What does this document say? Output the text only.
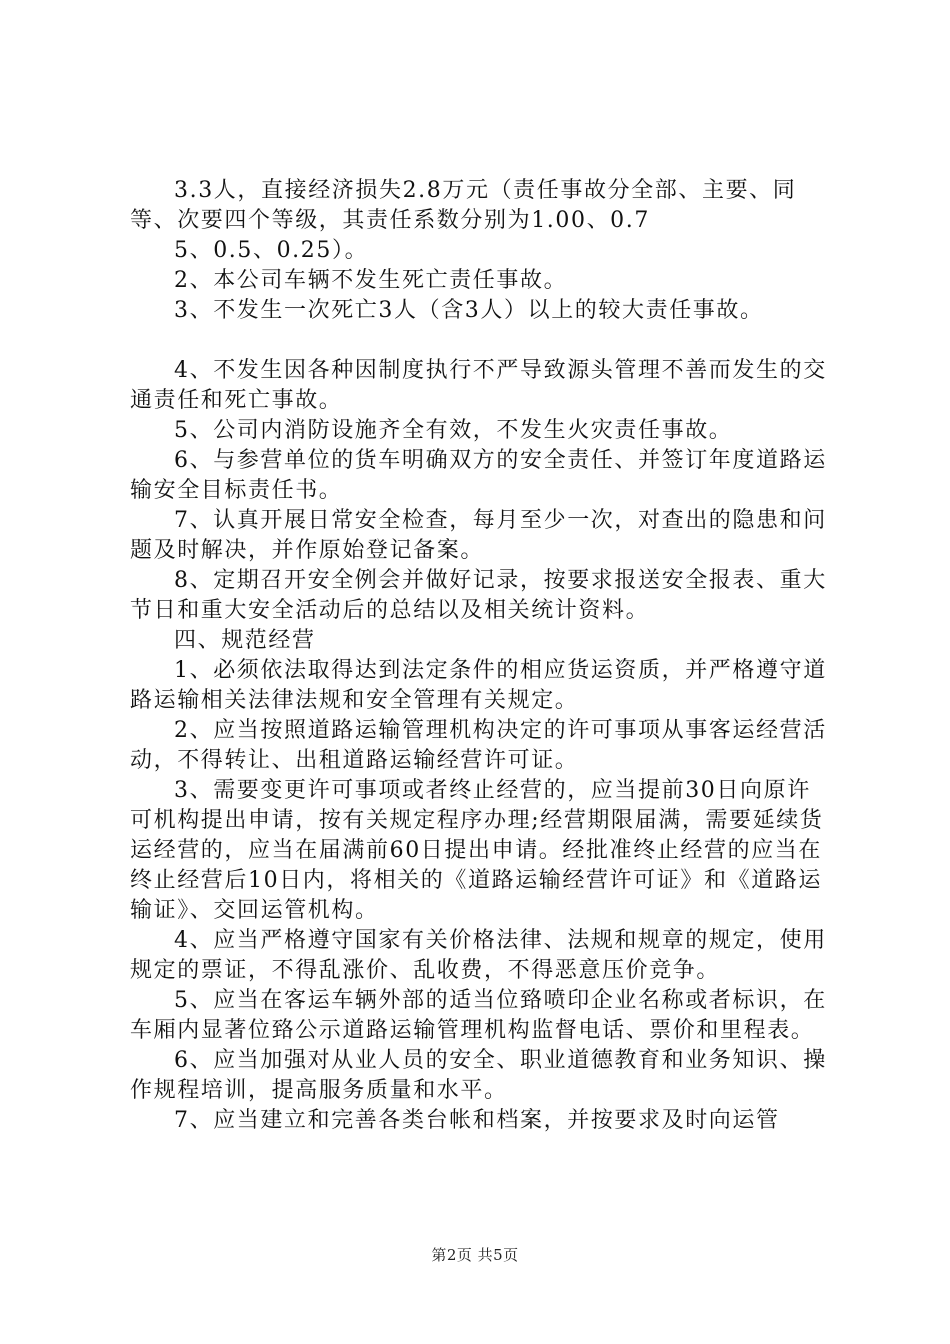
3.3人，直接经济损失2.8万元（责任事故分全部、主要、同等、次要四个等级，其责任系数分别为1.00、0.7

5、0.5、0.25）。

2、本公司车辆不发生死亡责任事故。

3、不发生一次死亡3人（含3人）以上的较大责任事故。

4、不发生因各种因制度执行不严导致源头管理不善而发生的交通责任和死亡事故。

5、公司内消防设施齐全有效，不发生火灾责任事故。

6、与参营单位的货车明确双方的安全责任、并签订年度道路运输安全目标责任书。

7、认真开展日常安全检查，每月至少一次，对查出的隐患和问题及时解决，并作原始登记备案。

8、定期召开安全例会并做好记录，按要求报送安全报表、重大节日和重大安全活动后的总结以及相关统计资料。

四、规范经营

1、必须依法取得达到法定条件的相应货运资质，并严格遵守道路运输相关法律法规和安全管理有关规定。

2、应当按照道路运输管理机构决定的许可事项从事客运经营活动，不得转让、出租道路运输经营许可证。

3、需要变更许可事项或者终止经营的，应当提前30日向原许可机构提出申请，按有关规定程序办理;经营期限届满，需要延续货运经营的，应当在届满前60日提出申请。经批准终止经营的应当在终止经营后10日内，将相关的《道路运输经营许可证》和《道路运输证》、交回运管机构。

4、应当严格遵守国家有关价格法律、法规和规章的规定，使用规定的票证，不得乱涨价、乱收费，不得恶意压价竞争。

5、应当在客运车辆外部的适当位臵喷印企业名称或者标识，在车厢内显著位臵公示道路运输管理机构监督电话、票价和里程表。

6、应当加强对从业人员的安全、职业道德教育和业务知识、操作规程培训，提高服务质量和水平。

7、应当建立和完善各类台帐和档案，并按要求及时向运管

第2页 共5页
